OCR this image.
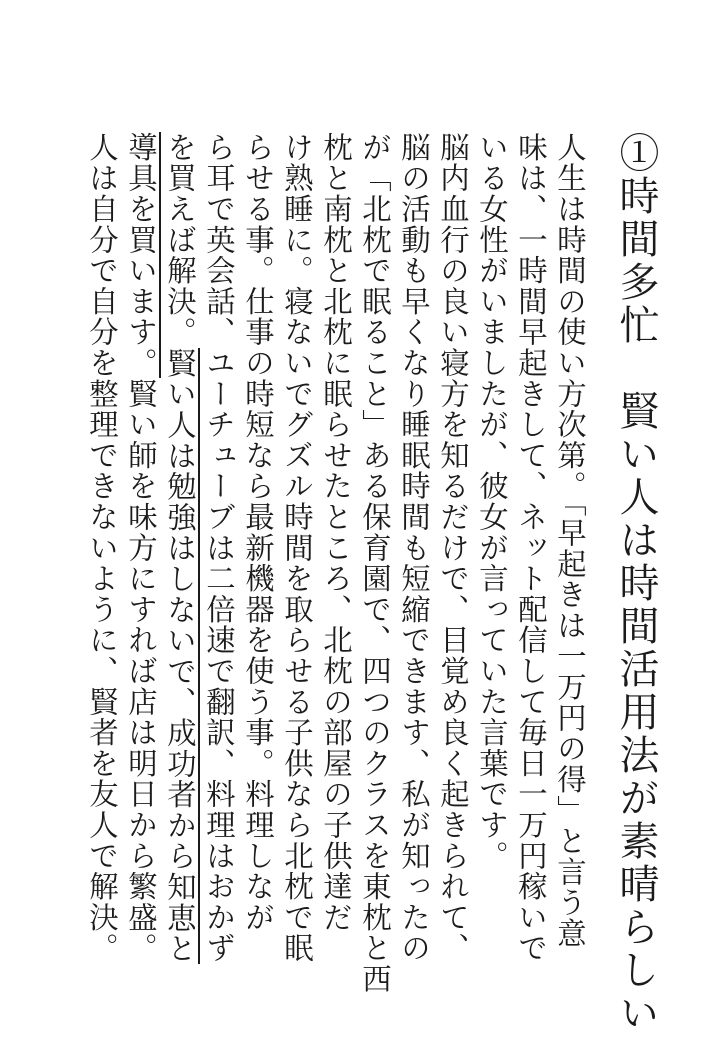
①時間多忙　賢い人は時間活用法が素晴らしい
人生は時間の使い方次第。「早起きは一万円の得」と言う意
味は、一時間早起きして、ネット配信して毎日一万円稼いで
いる女性がいましたが、彼女が言っていた言葉です。
脳内血行の良い寝方を知るだけで、目覚め良く起きられて、
脳の活動も早くなり睡眠時間も短縮できます、私が知ったの
が「北枕で眠ること」ある保育園で、四つのクラスを東枕と西
枕と南枕と北枕に眠らせたところ、北枕の部屋の子供達だ
け熟睡に。寝ないでグズル時間を取らせる子供なら北枕で眠
らせる事。仕事の時短なら最新機器を使う事。料理しなが
ら耳で英会話、ユーチューブは二倍速で翻訳、料理はおかず
を買えば解決。賢い人は勉強はしないで、成功者から知恵と
導具を買います。賢い師を味方にすれば店は明日から繁盛。
人は自分で自分を整理できないように、賢者を友人で解決。
